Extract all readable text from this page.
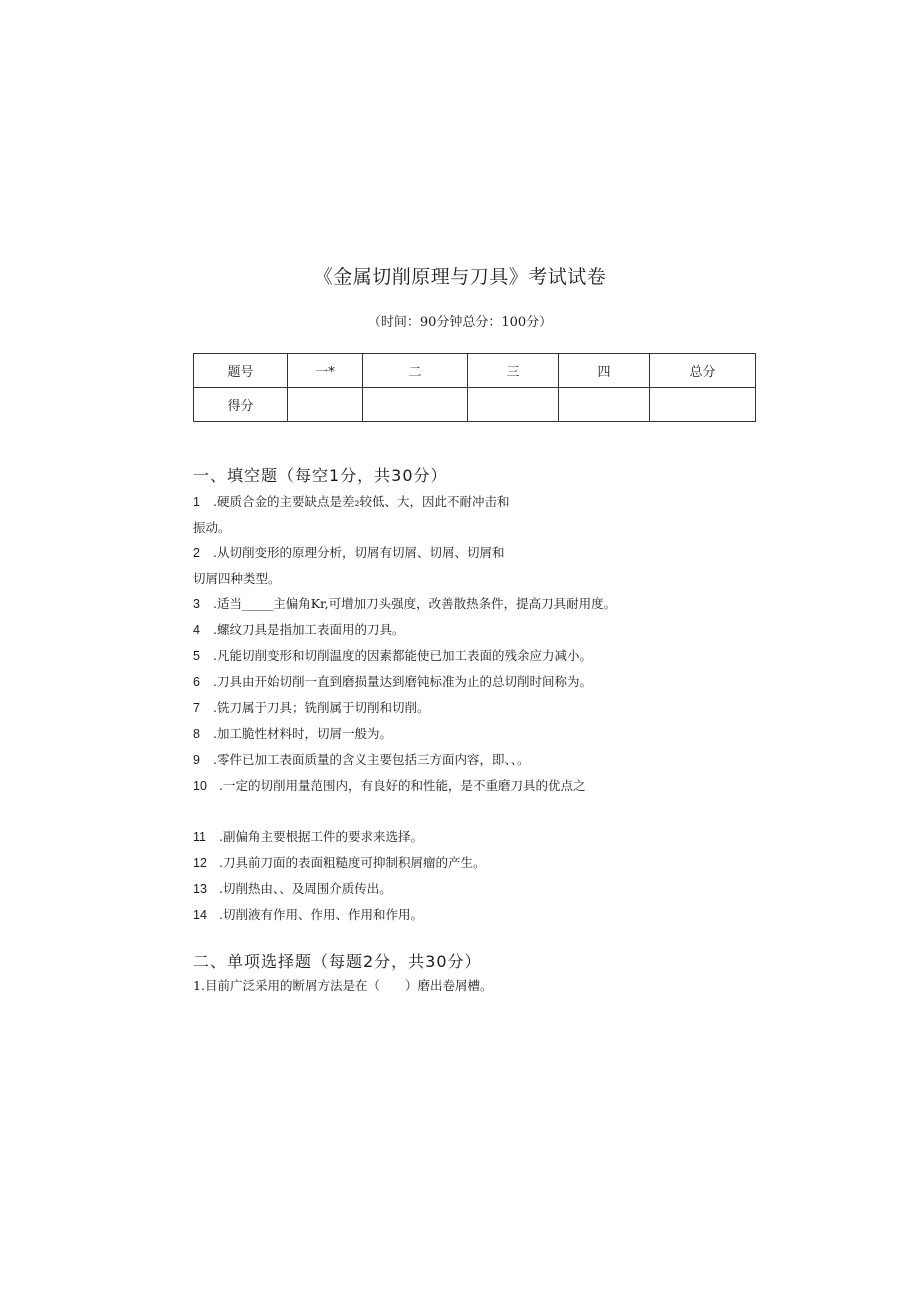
《金属切削原理与刀具》考试试卷
（时间：90分钟总分：100分）
题号	一*	二	三	四	总分
得分					
一、填空题（每空1分，共30分）
1 .硬质合金的主要缺点是差₂较低、大，因此不耐冲击和
振动。
2 .从切削变形的原理分析，切屑有切屑、切屑、切屑和
切屑四种类型。
3 .适当_____主偏角Kr,可增加刀头强度，改善散热条件，提高刀具耐用度。
4 .螺纹刀具是指加工表面用的刀具。
5 .凡能切削变形和切削温度的因素都能使已加工表面的残余应力减小。
6 .刀具由开始切削一直到磨损量达到磨钝标准为止的总切削时间称为。
7 .铣刀属于刀具；铣削属于切削和切削。
8 .加工脆性材料时，切屑一般为。
9 .零件已加工表面质量的含义主要包括三方面内容，即、、。
10 .一定的切削用量范围内，有良好的和性能，是不重磨刀具的优点之
11 .副偏角主要根据工件的要求来选择。
12 .刀具前刀面的表面粗糙度可抑制积屑瘤的产生。
13 .切削热由、、及周围介质传出。
14 .切削液有作用、作用、作用和作用。
二、单项选择题（每题2分，共30分）
1.目前广泛采用的断屑方法是在（　　）磨出卷屑槽。
